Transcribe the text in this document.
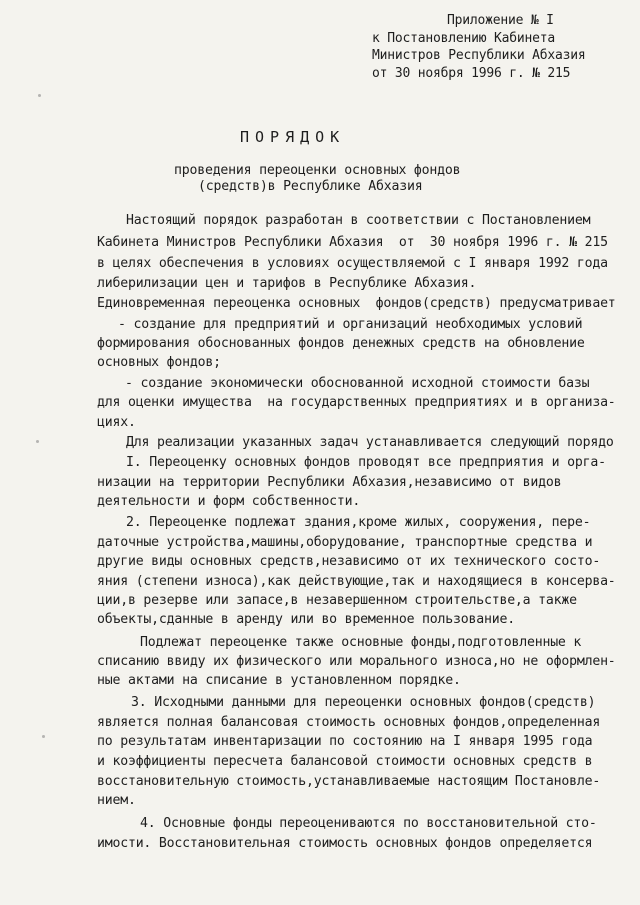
Приложение № I
к Постановлению Кабинета
Министров Республики Абхазия
от 30 ноября 1996 г. № 215
ПОРЯДОК
проведения переоценки основных фондов
(средств)в Республике Абхазия
Настоящий порядок разработан в соответствии с Постановлением
Кабинета Министров Республики Абхазия  от  30 ноября 1996 г. № 215
в целях обеспечения в условиях осуществляемой с I января 1992 года
либерилизации цен и тарифов в Республике Абхазия.
Единовременная переоценка основных  фондов(средств) предусматривает
- создание для предприятий и организаций необходимых условий
формирования обоснованных фондов денежных средств на обновление
основных фондов;
- создание экономически обоснованной исходной стоимости базы
для оценки имущества  на государственных предприятиях и в организа-
циях.
Для реализации указанных задач устанавливается следующий порядо
I. Переоценку основных фондов проводят все предприятия и орга-
низации на территории Республики Абхазия,независимо от видов
деятельности и форм собственности.
2. Переоценке подлежат здания,кроме жилых, сооружения, пере-
даточные устройства,машины,оборудование, транспортные средства и
другие виды основных средств,независимо от их технического состо-
яния (степени износа),как действующие,так и находящиеся в консерва-
ции,в резерве или запасе,в незавершенном строительстве,а также
объекты,сданные в аренду или во временное пользование.
Подлежат переоценке также основные фонды,подготовленные к
списанию ввиду их физического или морального износа,но не оформлен-
ные актами на списание в установленном порядке.
3. Исходными данными для переоценки основных фондов(средств)
является полная балансовая стоимость основных фондов,определенная
по результатам инвентаризации по состоянию на I января 1995 года
и коэффициенты пересчета балансовой стоимости основных средств в
восстановительную стоимость,устанавливаемые настоящим Постановле-
нием.
4. Основные фонды переоцениваются по восстановительной сто-
имости. Восстановительная стоимость основных фондов определяется
